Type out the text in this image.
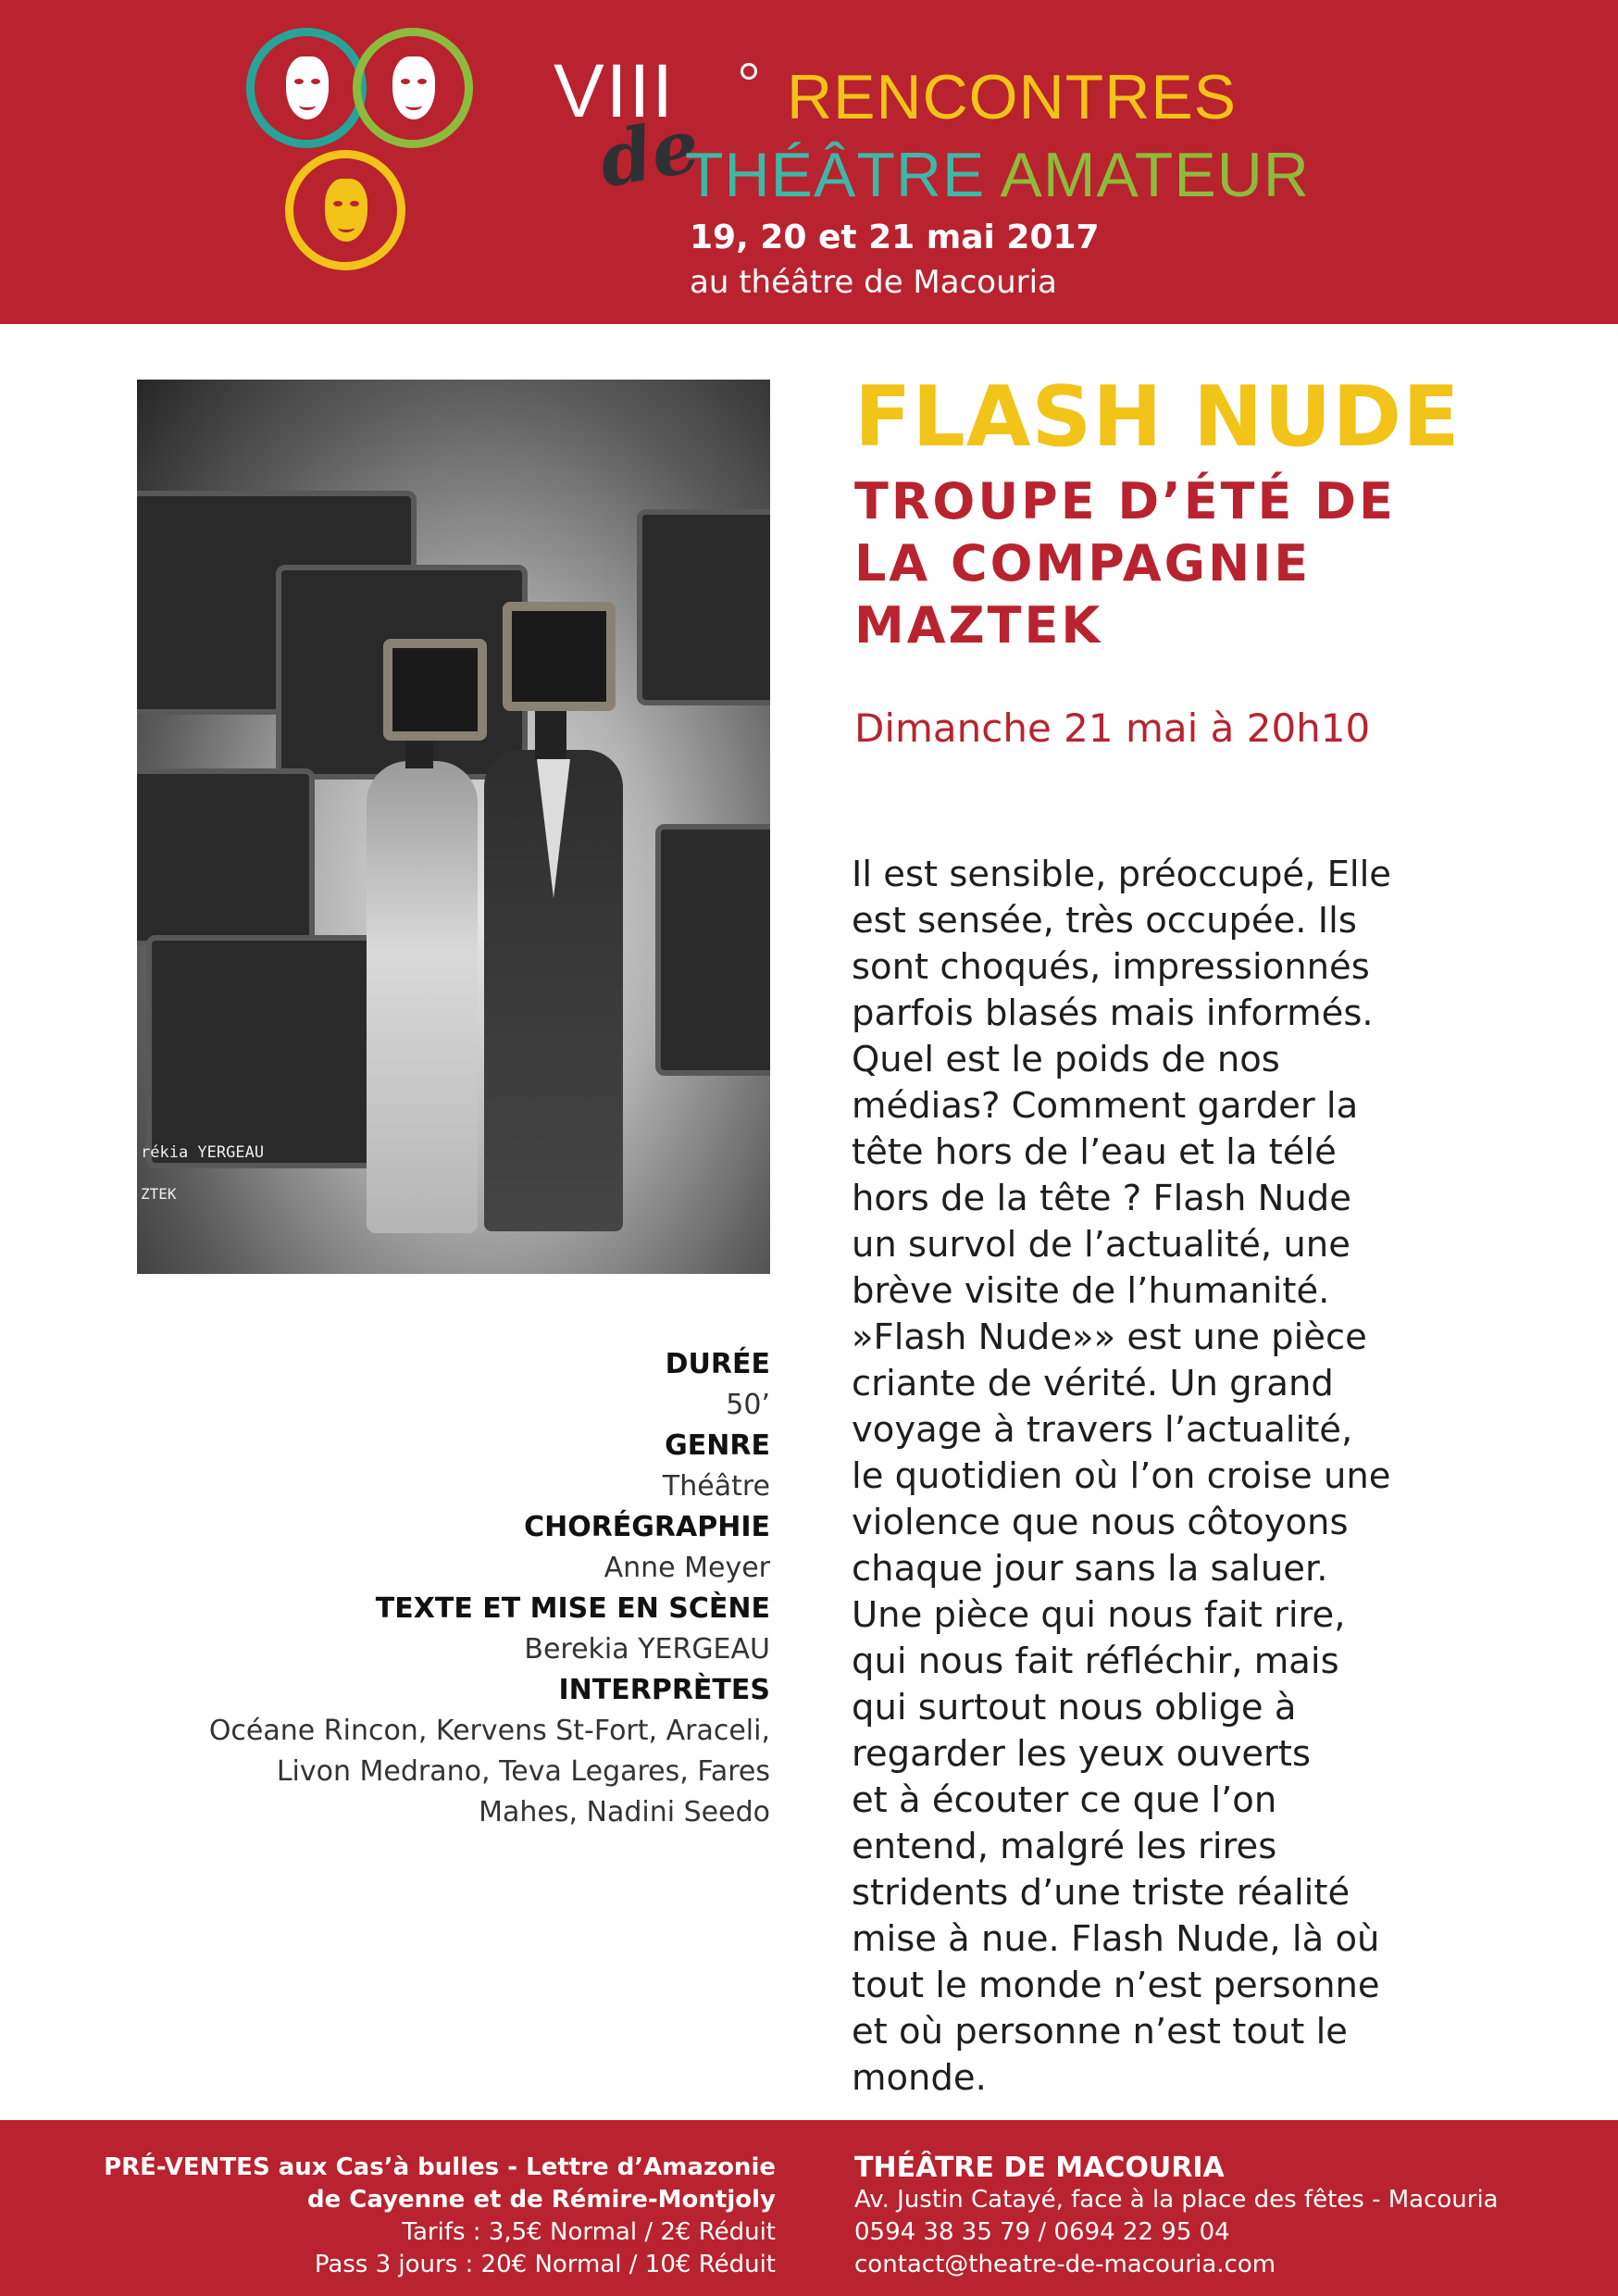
VIII
de
RENCONTRES
THÉÂTRE AMATEUR
19, 20 et 21 mai 2017
au théâtre de Macouria
rékia YERGEAU
ZTEK
FLASH NUDE
TROUPE D’ÉTÉ DE
LA COMPAGNIE
MAZTEK
Dimanche 21 mai à 20h10
Il est sensible, préoccupé, Elle
est sensée, très occupée. Ils
sont choqués, impressionnés
parfois blasés mais informés.
Quel est le poids de nos
médias? Comment garder la
tête hors de l’eau et la télé
hors de la tête ? Flash Nude
un survol de l’actualité, une
brève visite de l’humanité.
»Flash Nude»» est une pièce
criante de vérité. Un grand
voyage à travers l’actualité,
le quotidien où l’on croise une
violence que nous côtoyons
chaque jour sans la saluer.
Une pièce qui nous fait rire,
qui nous fait réfléchir, mais
qui surtout nous oblige à
regarder les yeux ouverts
et à écouter ce que l’on
entend, malgré les rires
stridents d’une triste réalité
mise à nue. Flash Nude, là où
tout le monde n’est personne
et où personne n’est tout le
monde.
DURÉE
50’
GENRE
Théâtre
CHORÉGRAPHIE
Anne Meyer
TEXTE ET MISE EN SCÈNE
Berekia YERGEAU
INTERPRÈTES
Océane Rincon, Kervens St-Fort, Araceli,
Livon Medrano, Teva Legares, Fares
Mahes, Nadini Seedo
PRÉ-VENTES aux Cas’à bulles - Lettre d’Amazonie
de Cayenne et de Rémire-Montjoly
Tarifs : 3,5€ Normal / 2€ Réduit
Pass 3 jours : 20€ Normal / 10€ Réduit
THÉÂTRE DE MACOURIA
Av. Justin Catayé, face à la place des fêtes - Macouria
0594 38 35 79 / 0694 22 95 04
contact@theatre-de-macouria.com
